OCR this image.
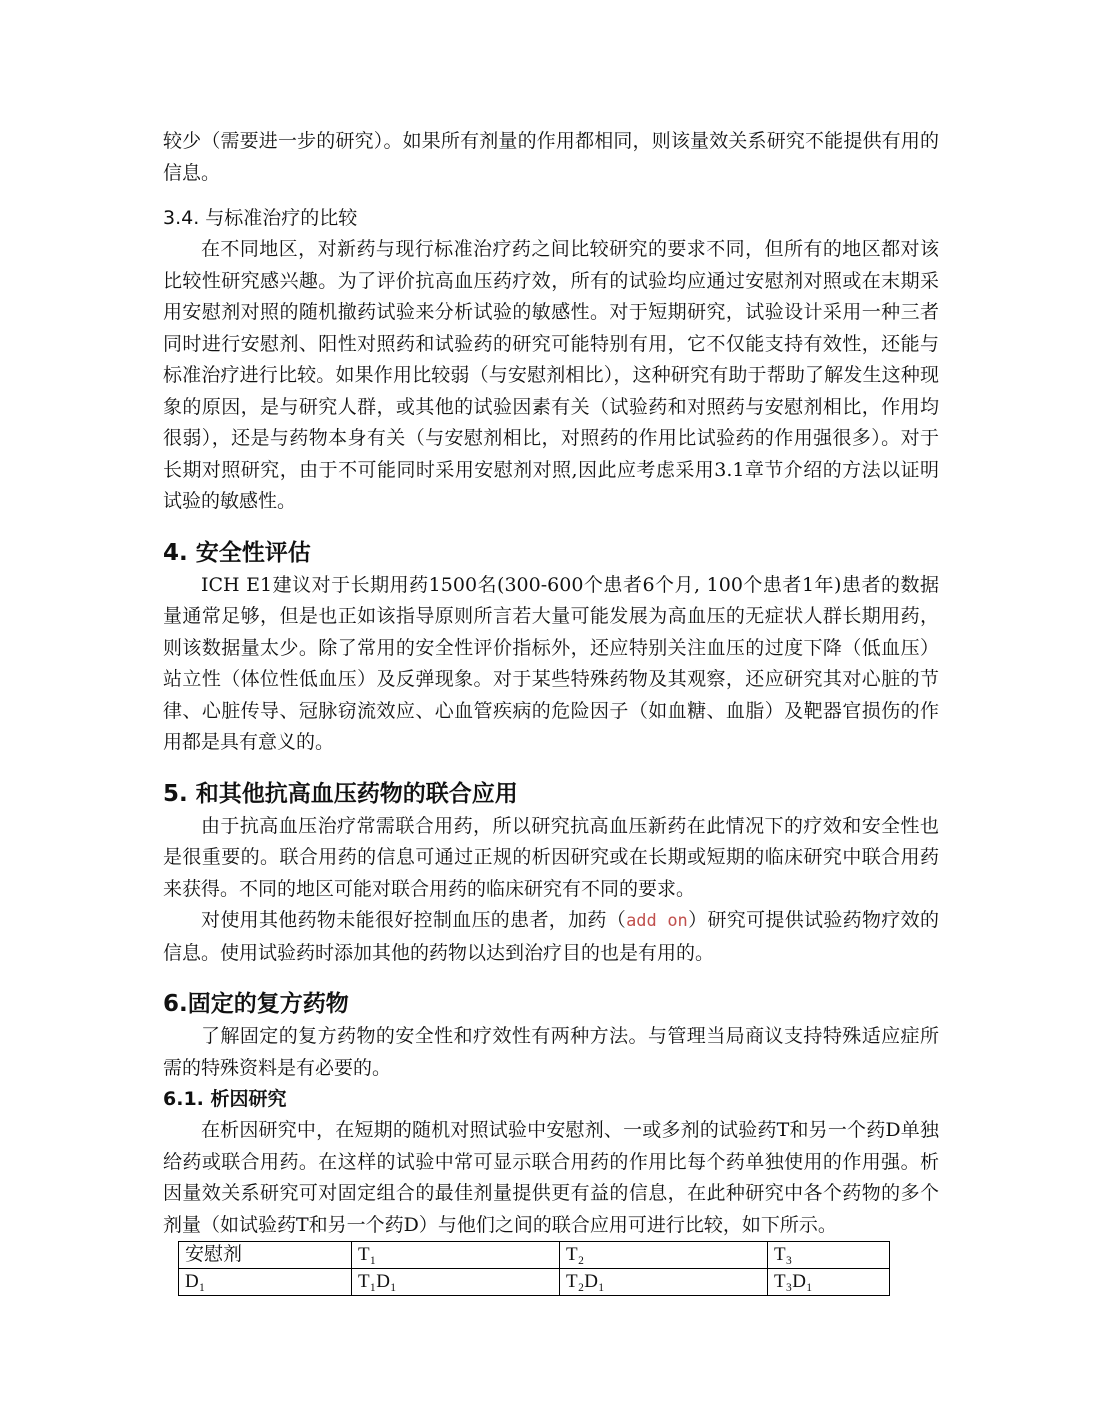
较少（需要进一步的研究）。如果所有剂量的作用都相同，则该量效关系研究不能提供有用的信息。

3.4. 与标准治疗的比较

在不同地区，对新药与现行标准治疗药之间比较研究的要求不同，但所有的地区都对该比较性研究感兴趣。为了评价抗高血压药疗效，所有的试验均应通过安慰剂对照或在末期采用安慰剂对照的随机撤药试验来分析试验的敏感性。对于短期研究，试验设计采用一种三者同时进行安慰剂、阳性对照药和试验药的研究可能特别有用，它不仅能支持有效性，还能与标准治疗进行比较。如果作用比较弱（与安慰剂相比），这种研究有助于帮助了解发生这种现象的原因，是与研究人群，或其他的试验因素有关（试验药和对照药与安慰剂相比，作用均很弱），还是与药物本身有关（与安慰剂相比，对照药的作用比试验药的作用强很多）。对于长期对照研究，由于不可能同时采用安慰剂对照,因此应考虑采用3.1章节介绍的方法以证明试验的敏感性。

4. 安全性评估

ICH E1建议对于长期用药1500名(300-600个患者6个月, 100个患者1年)患者的数据量通常足够，但是也正如该指导原则所言若大量可能发展为高血压的无症状人群长期用药，则该数据量太少。除了常用的安全性评价指标外，还应特别关注血压的过度下降（低血压）站立性（体位性低血压）及反弹现象。对于某些特殊药物及其观察，还应研究其对心脏的节律、心脏传导、冠脉窃流效应、心血管疾病的危险因子（如血糖、血脂）及靶器官损伤的作用都是具有意义的。

5. 和其他抗高血压药物的联合应用

由于抗高血压治疗常需联合用药，所以研究抗高血压新药在此情况下的疗效和安全性也是很重要的。联合用药的信息可通过正规的析因研究或在长期或短期的临床研究中联合用药来获得。不同的地区可能对联合用药的临床研究有不同的要求。

对使用其他药物未能很好控制血压的患者，加药（add on）研究可提供试验药物疗效的信息。使用试验药时添加其他的药物以达到治疗目的也是有用的。

6.固定的复方药物

了解固定的复方药物的安全性和疗效性有两种方法。与管理当局商议支持特殊适应症所需的特殊资料是有必要的。

6.1. 析因研究

在析因研究中，在短期的随机对照试验中安慰剂、一或多剂的试验药T和另一个药D单独给药或联合用药。在这样的试验中常可显示联合用药的作用比每个药单独使用的作用强。析因量效关系研究可对固定组合的最佳剂量提供更有益的信息，在此种研究中各个药物的多个剂量（如试验药T和另一个药D）与他们之间的联合应用可进行比较，如下所示。

安慰剂	T₁	T₂	T₃
D₁	T₁D₁	T₂D₁	T₃D₁
